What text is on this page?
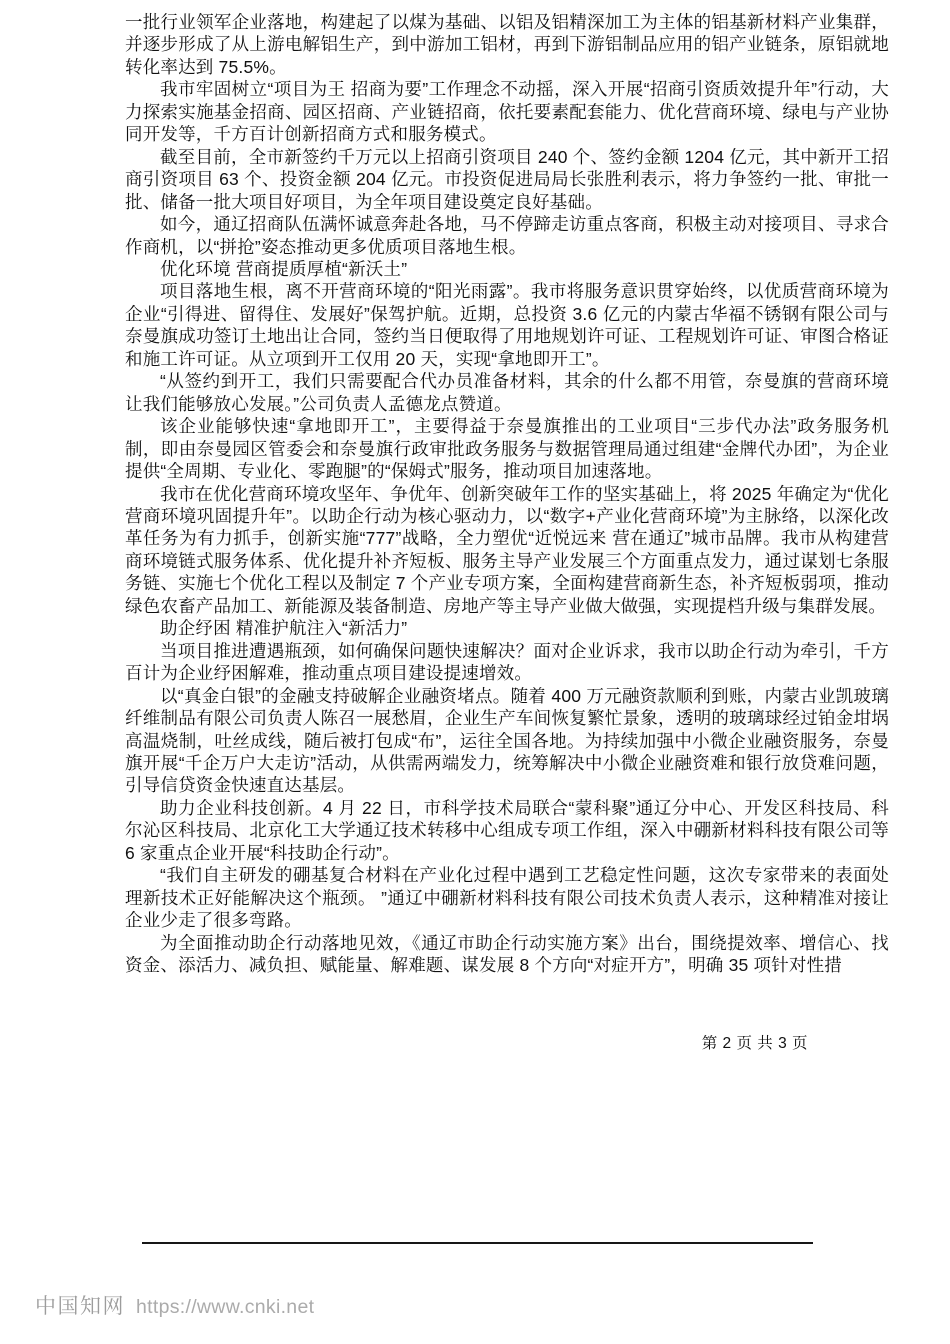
一批行业领军企业落地，构建起了以煤为基础、以铝及铝精深加工为主体的铝基新材料产业集群，并逐步形成了从上游电解铝生产，到中游加工铝材，再到下游铝制品应用的铝产业链条，原铝就地转化率达到 75.5%。

我市牢固树立“项目为王 招商为要”工作理念不动摇，深入开展“招商引资质效提升年”行动，大力探索实施基金招商、园区招商、产业链招商，依托要素配套能力、优化营商环境、绿电与产业协同开发等，千方百计创新招商方式和服务模式。

截至目前，全市新签约千万元以上招商引资项目 240 个、签约金额 1204 亿元，其中新开工招商引资项目 63 个、投资金额 204 亿元。市投资促进局局长张胜利表示，将力争签约一批、审批一批、储备一批大项目好项目，为全年项目建设奠定良好基础。

如今，通辽招商队伍满怀诚意奔赴各地，马不停蹄走访重点客商，积极主动对接项目、寻求合作商机，以“拼抢”姿态推动更多优质项目落地生根。

优化环境 营商提质厚植“新沃土”

项目落地生根，离不开营商环境的“阳光雨露”。我市将服务意识贯穿始终，以优质营商环境为企业“引得进、留得住、发展好”保驾护航。近期，总投资 3.6 亿元的内蒙古华福不锈钢有限公司与奈曼旗成功签订土地出让合同，签约当日便取得了用地规划许可证、工程规划许可证、审图合格证和施工许可证。从立项到开工仅用 20 天，实现“拿地即开工”。

“从签约到开工，我们只需要配合代办员准备材料，其余的什么都不用管，奈曼旗的营商环境让我们能够放心发展。”公司负责人孟德龙点赞道。

该企业能够快速“拿地即开工”，主要得益于奈曼旗推出的工业项目“三步代办法”政务服务机制，即由奈曼园区管委会和奈曼旗行政审批政务服务与数据管理局通过组建“金牌代办团”，为企业提供“全周期、专业化、零跑腿”的“保姆式”服务，推动项目加速落地。

我市在优化营商环境攻坚年、争优年、创新突破年工作的坚实基础上，将 2025 年确定为“优化营商环境巩固提升年”。以助企行动为核心驱动力，以“数字+产业化营商环境”为主脉络，以深化改革任务为有力抓手，创新实施“777”战略，全力塑优“近悦远来 营在通辽”城市品牌。我市从构建营商环境链式服务体系、优化提升补齐短板、服务主导产业发展三个方面重点发力，通过谋划七条服务链、实施七个优化工程以及制定 7 个产业专项方案，全面构建营商新生态，补齐短板弱项，推动绿色农畜产品加工、新能源及装备制造、房地产等主导产业做大做强，实现提档升级与集群发展。

助企纾困 精准护航注入“新活力”

当项目推进遭遇瓶颈，如何确保问题快速解决？面对企业诉求，我市以助企行动为牵引，千方百计为企业纾困解难，推动重点项目建设提速增效。

以“真金白银”的金融支持破解企业融资堵点。随着 400 万元融资款顺利到账，内蒙古业凯玻璃纤维制品有限公司负责人陈召一展愁眉，企业生产车间恢复繁忙景象，透明的玻璃球经过铂金坩埚高温烧制，吐丝成线，随后被打包成“布”，运往全国各地。为持续加强中小微企业融资服务，奈曼旗开展“千企万户大走访”活动，从供需两端发力，统筹解决中小微企业融资难和银行放贷难问题，引导信贷资金快速直达基层。

助力企业科技创新。4 月 22 日，市科学技术局联合“蒙科聚”通辽分中心、开发区科技局、科尔沁区科技局、北京化工大学通辽技术转移中心组成专项工作组，深入中硼新材料科技有限公司等 6 家重点企业开展“科技助企行动”。

“我们自主研发的硼基复合材料在产业化过程中遇到工艺稳定性问题，这次专家带来的表面处理新技术正好能解决这个瓶颈。 ”通辽中硼新材料科技有限公司技术负责人表示，这种精准对接让企业少走了很多弯路。

为全面推动助企行动落地见效，《通辽市助企行动实施方案》出台，围绕提效率、增信心、找资金、添活力、减负担、赋能量、解难题、谋发展 8 个方向“对症开方”，明确 35 项针对性措

第 2 页 共 3 页
中国知网 https://www.cnki.net
